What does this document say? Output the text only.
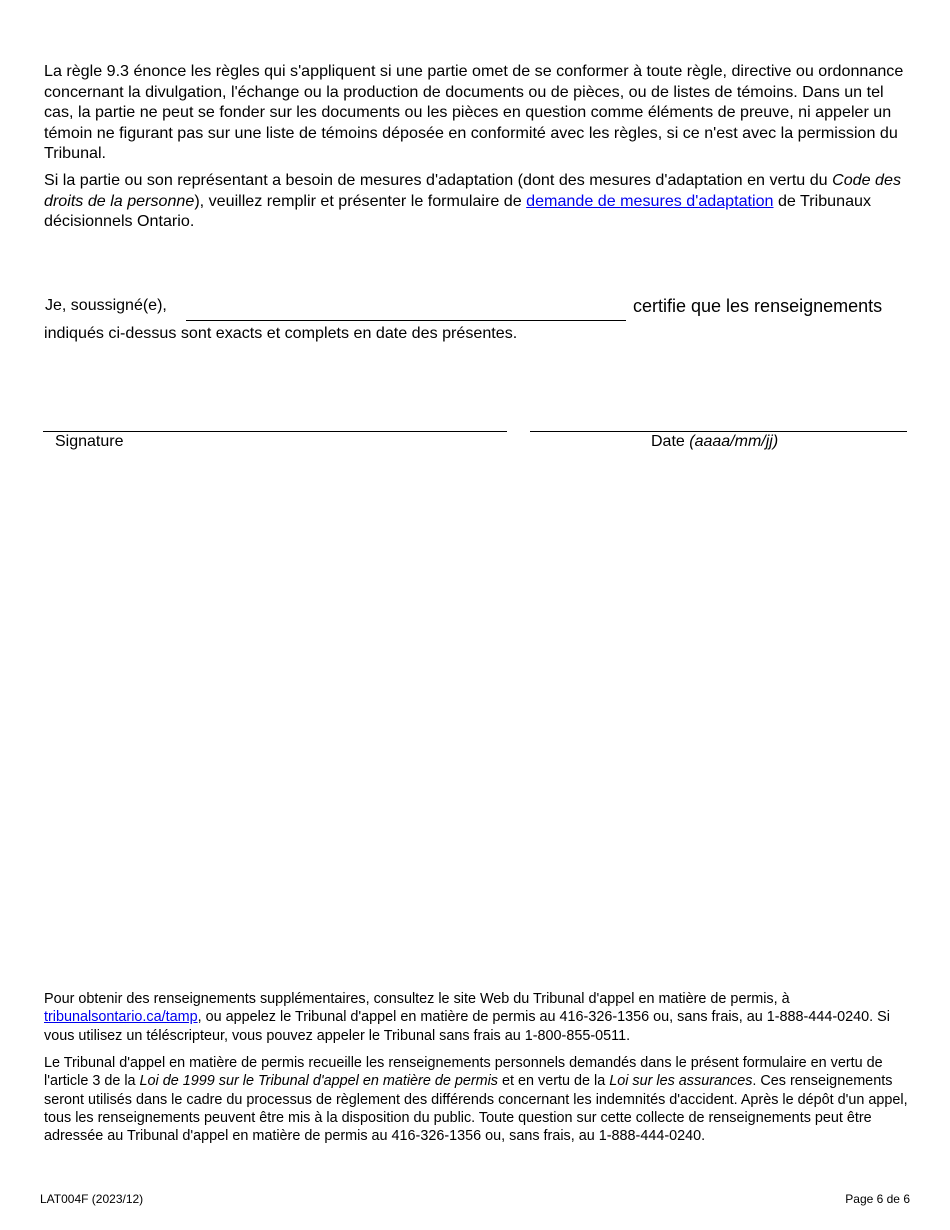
La règle 9.3 énonce les règles qui s'appliquent si une partie omet de se conformer à toute règle, directive ou ordonnance concernant la divulgation, l'échange ou la production de documents ou de pièces, ou de listes de témoins. Dans un tel cas, la partie ne peut se fonder sur les documents ou les pièces en question comme éléments de preuve, ni appeler un témoin ne figurant pas sur une liste de témoins déposée en conformité avec les règles, si ce n'est avec la permission du Tribunal.

Si la partie ou son représentant a besoin de mesures d'adaptation (dont des mesures d'adaptation en vertu du Code des droits de la personne), veuillez remplir et présenter le formulaire de demande de mesures d'adaptation de Tribunaux décisionnels Ontario.

Je, soussigné(e),	certifie que les renseignements

indiqués ci-dessus sont exacts et complets en date des présentes.

Signature	Date (aaaa/mm/jj)

Pour obtenir des renseignements supplémentaires, consultez le site Web du Tribunal d'appel en matière de permis, à tribunalsontario.ca/tamp, ou appelez le Tribunal d'appel en matière de permis au 416-326-1356 ou, sans frais, au 1-888-444-0240. Si vous utilisez un téléscripteur, vous pouvez appeler le Tribunal sans frais au 1-800-855-0511.

Le Tribunal d'appel en matière de permis recueille les renseignements personnels demandés dans le présent formulaire en vertu de l'article 3 de la Loi de 1999 sur le Tribunal d'appel en matière de permis et en vertu de la Loi sur les assurances. Ces renseignements seront utilisés dans le cadre du processus de règlement des différends concernant les indemnités d'accident. Après le dépôt d'un appel, tous les renseignements peuvent être mis à la disposition du public. Toute question sur cette collecte de renseignements peut être adressée au Tribunal d'appel en matière de permis au 416-326-1356 ou, sans frais, au 1-888-444-0240.

LAT004F (2023/12)	Page 6 de 6
